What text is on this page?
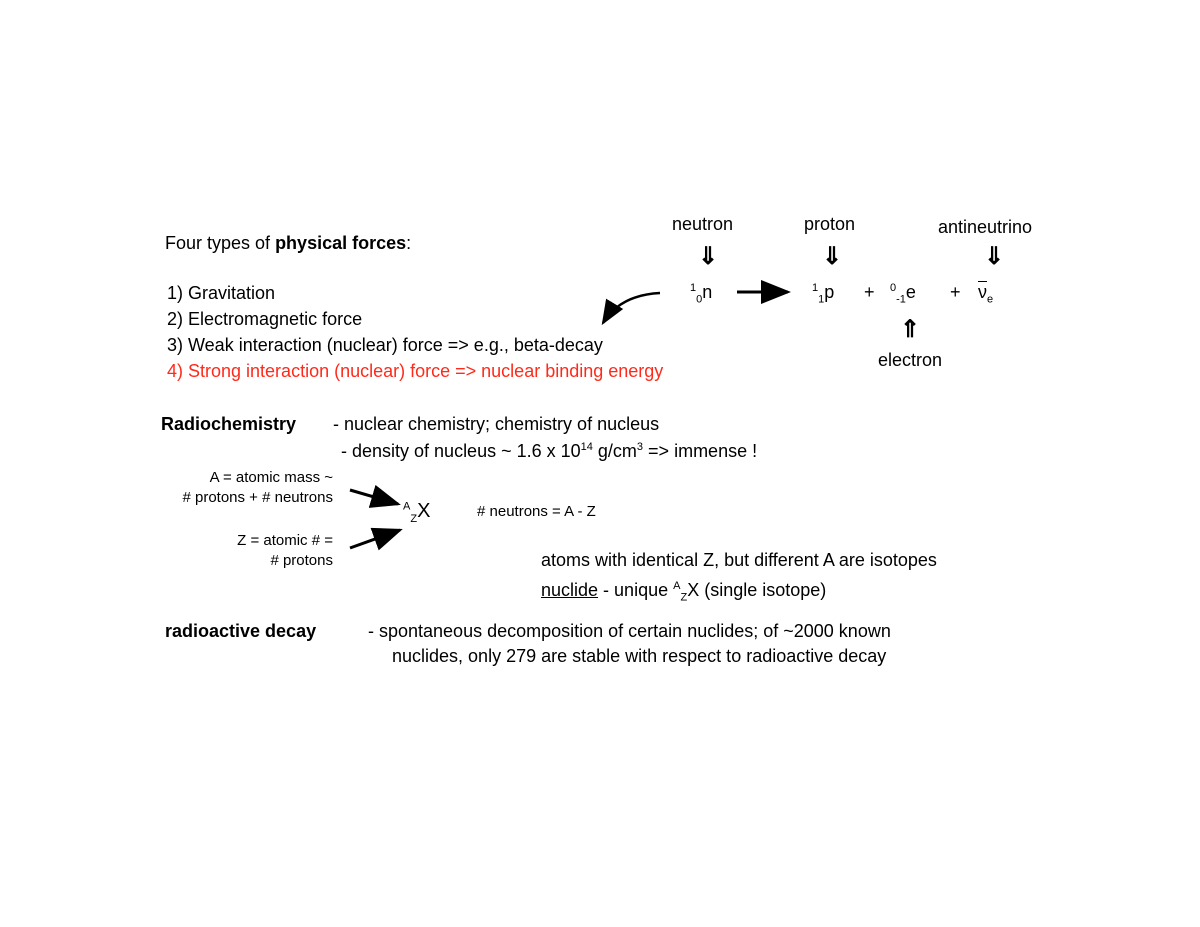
Four types of physical forces:
1) Gravitation
2) Electromagnetic force
3) Weak interaction (nuclear) force => e.g., beta-decay
4) Strong interaction (nuclear) force => nuclear binding energy
neutron	proton	antineutrino
⇓	⇓	⇓
$^1_0$n	$^1_1p + ^0_{-1}e + \overline{\nu}_e$
⇑
electron
Radiochemistry - nuclear chemistry; chemistry of nucleus
- density of nucleus ~ 1.6 x $10^{14}$ $g/cm^3$ => immense !
A = atomic mass ~
# protons + # neutrons
Z = atomic # =
# protons
$^A_Z$X	# neutrons = A - Z
atoms with identical Z, but different A are isotopes
nuclide - unique $^A_Z$X (single isotope)
radioactive decay	- spontaneous decomposition of certain nuclides; of ~2000 known
nuclides, only 279 are stable with respect to radioactive decay
